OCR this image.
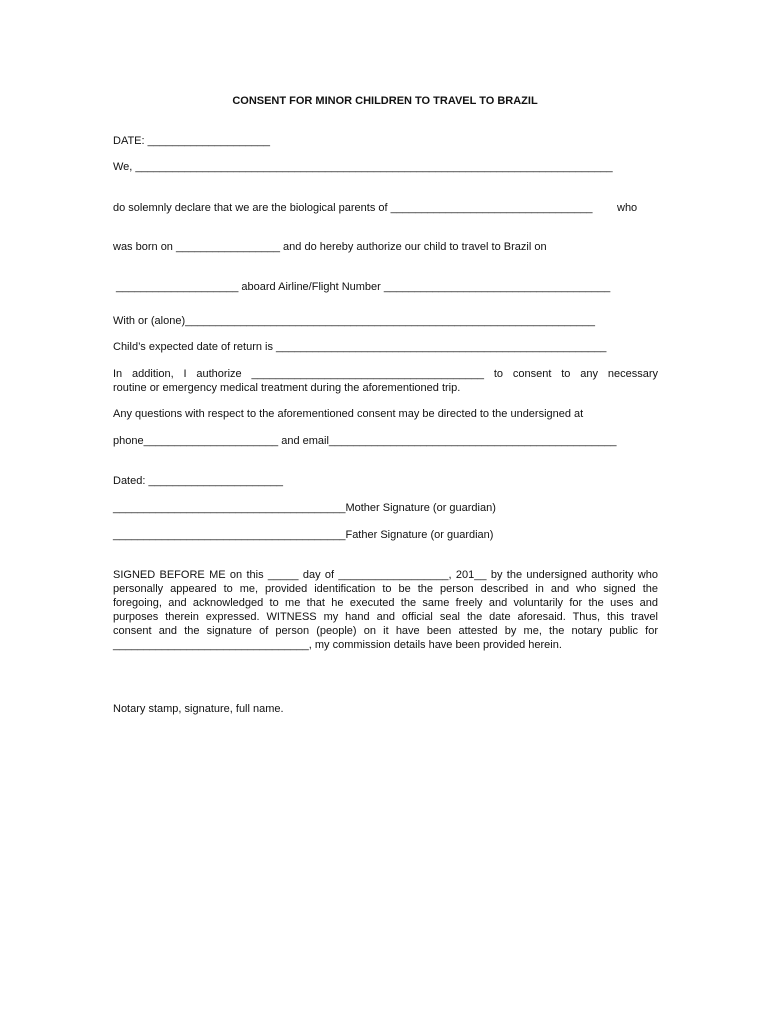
CONSENT FOR MINOR CHILDREN TO TRAVEL TO BRAZIL
DATE: ____________________
We, ______________________________________________________________________________
do solemnly declare that we are the biological parents of _________________________________ who
was born on _________________ and do hereby authorize our child to travel to Brazil on
____________________ aboard Airline/Flight Number _____________________________________
With or (alone)___________________________________________________________________
Child’s expected date of return is ______________________________________________________
In addition, I authorize ______________________________________ to consent to any necessary
routine or emergency medical treatment during the aforementioned trip.
Any questions with respect to the aforementioned consent may be directed to the undersigned at
phone______________________ and email_______________________________________________
Dated: ______________________
______________________________________Mother Signature (or guardian)
______________________________________Father Signature (or guardian)
SIGNED BEFORE ME on this _____ day of __________________, 201__ by the undersigned authority who
personally appeared to me, provided identification to be the person described in and who signed the
foregoing, and acknowledged to me that he executed the same freely and voluntarily for the uses and
purposes therein expressed. WITNESS my hand and official seal the date aforesaid. Thus, this travel
consent and the signature of person (people) on it have been attested by me, the notary public for
________________________________, my commission details have been provided herein.
Notary stamp, signature, full name.
